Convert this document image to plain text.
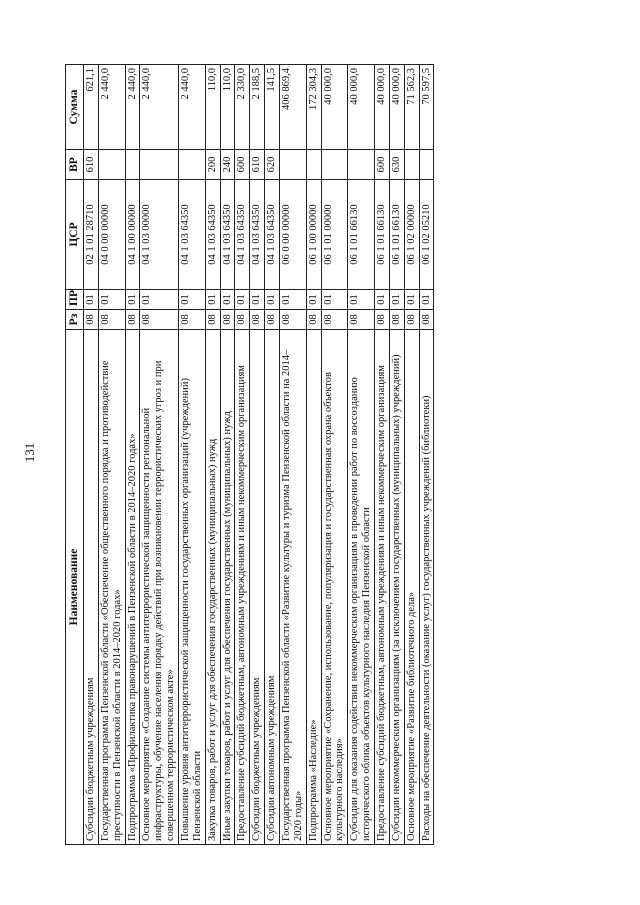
131
Наименование	Рз	ПР	ЦСР	ВР	Сумма
Субсидии бюджетным учреждениям	08	01	02 1 01 28710	610	621,1
Государственная программа Пензенской области «Обеспечение общественного порядка и противодействие преступности в Пензенской области в 2014–2020 годах»	08	01	04 0 00 00000		2 440,0
Подпрограмма «Профилактика правонарушений в Пензенской области в 2014–2020 годах»	08	01	04 1 00 00000		2 440,0
Основное мероприятие «Создание системы антитеррористической защищенности региональной инфраструктуры, обучение населения порядку действий при возникновении террористических угроз и при совершенном террористическом акте»	08	01	04 1 03 00000		2 440,0
Повышение уровня антитеррористической защищенности государственных организаций (учреждений) Пензенской области	08	01	04 1 03 64350		2 440,0
Закупка товаров, работ и услуг для обеспечения государственных (муниципальных) нужд	08	01	04 1 03 64350	200	110,0
Иные закупки товаров, работ и услуг для обеспечения государственных (муниципальных) нужд	08	01	04 1 03 64350	240	110,0
Предоставление субсидий бюджетным, автономным учреждениям и иным некоммерческим организациям	08	01	04 1 03 64350	600	2 330,0
Субсидии бюджетным учреждениям	08	01	04 1 03 64350	610	2 188,5
Субсидии автономным учреждениям	08	01	04 1 03 64350	620	141,5
Государственная программа Пензенской области «Развитие культуры и туризма Пензенской области на 2014–2020 годы»	08	01	06 0 00 00000		406 869,4
Подпрограмма «Наследие»	08	01	06 1 00 00000		172 304,3
Основное мероприятие «Сохранение, использование, популяризация и государственная охрана объектов культурного наследия»	08	01	06 1 01 00000		40 000,0
Субсидии для оказания содействия некоммерческим организациям в проведении работ по воссозданию исторического облика объектов культурного наследия Пензенской области	08	01	06 1 01 66130		40 000,0
Предоставление субсидий бюджетным, автономным учреждениям и иным некоммерческим организациям	08	01	06 1 01 66130	600	40 000,0
Субсидии некоммерческим организациям (за исключением государственных (муниципальных) учреждений)	08	01	06 1 01 66130	630	40 000,0
Основное мероприятие «Развитие библиотечного дела»	08	01	06 1 02 00000		71 562,3
Расходы на обеспечение деятельности (оказание услуг) государственных учреждений (библиотеки)	08	01	06 1 02 05210		70 597,5
